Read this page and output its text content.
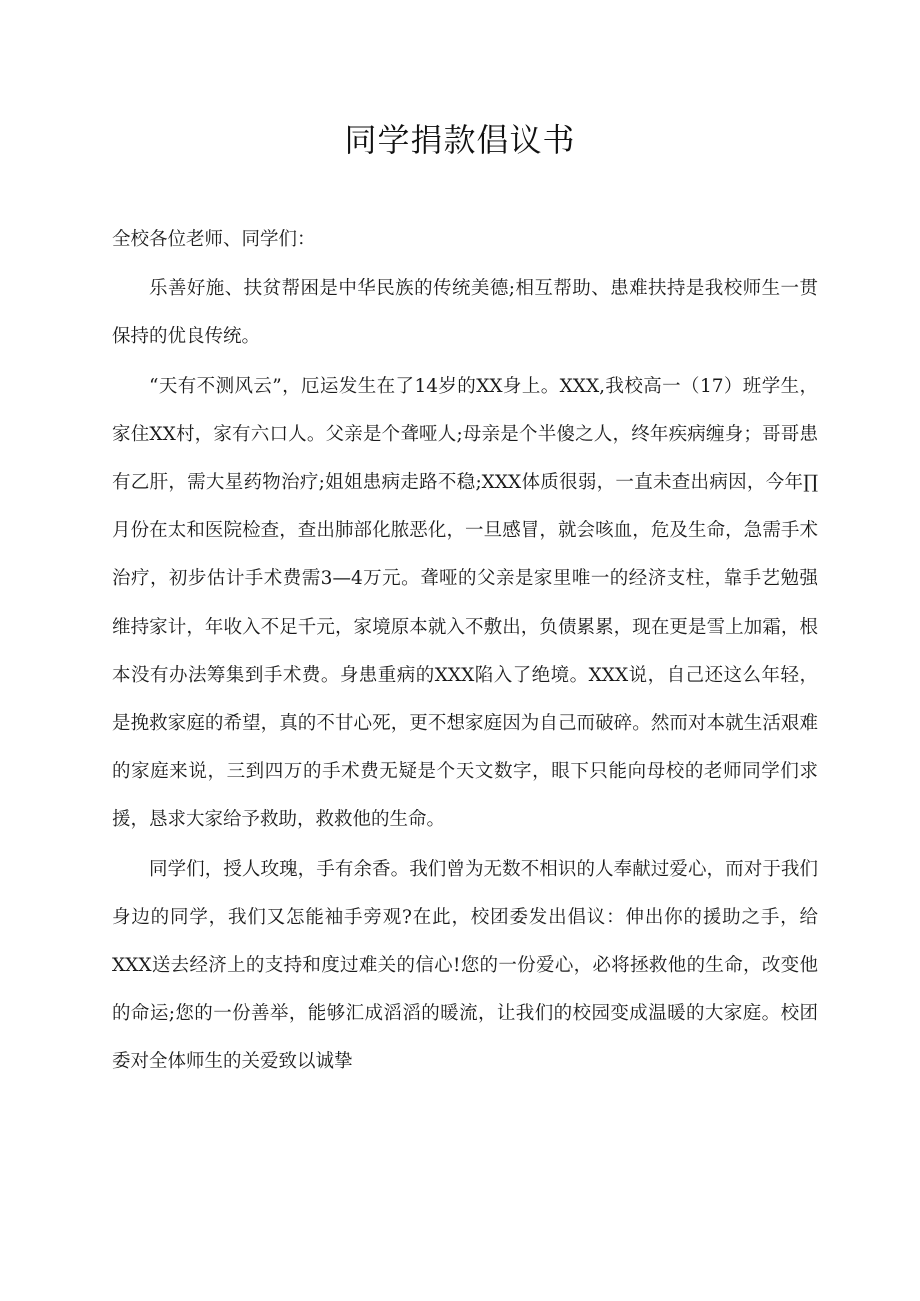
同学捐款倡议书

全校各位老师、同学们：

乐善好施、扶贫帮困是中华民族的传统美德;相互帮助、患难扶持是我校师生一贯保持的优良传统。

“天有不测风云”，厄运发生在了14岁的XX身上。XXX,我校高一（17）班学生，家住XX村，家有六口人。父亲是个聋哑人;母亲是个半傻之人，终年疾病缠身；哥哥患有乙肝，需大星药物治疗;姐姐患病走路不稳;XXX体质很弱，一直未查出病因，今年∏月份在太和医院检查，查出肺部化脓恶化，一旦感冒，就会咳血，危及生命，急需手术治疗，初步估计手术费需3—4万元。聋哑的父亲是家里唯一的经济支柱，靠手艺勉强维持家计，年收入不足千元，家境原本就入不敷出，负债累累，现在更是雪上加霜，根本没有办法筹集到手术费。身患重病的XXX陷入了绝境。XXX说，自己还这么年轻，是挽救家庭的希望，真的不甘心死，更不想家庭因为自己而破碎。然而对本就生活艰难的家庭来说，三到四万的手术费无疑是个天文数字，眼下只能向母校的老师同学们求援，恳求大家给予救助，救救他的生命。

同学们，授人玫瑰，手有余香。我们曾为无数不相识的人奉献过爱心，而对于我们身边的同学，我们又怎能袖手旁观?在此，校团委发出倡议：伸出你的援助之手，给XXX送去经济上的支持和度过难关的信心!您的一份爱心，必将拯救他的生命，改变他的命运;您的一份善举，能够汇成滔滔的暖流，让我们的校园变成温暖的大家庭。校团委对全体师生的关爱致以诚挚
